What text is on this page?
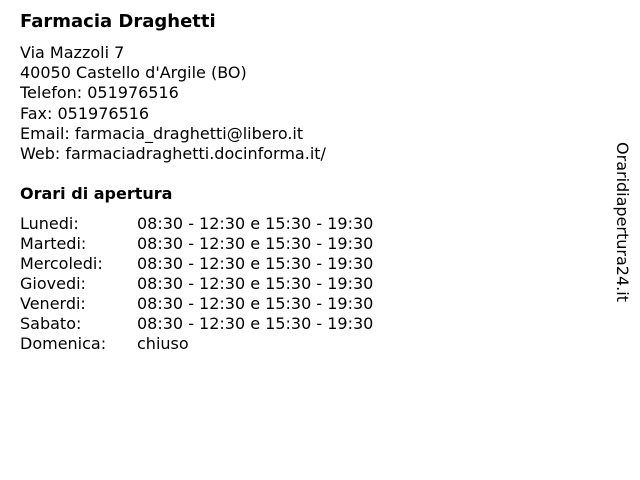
Farmacia Draghetti
Via Mazzoli 7
40050 Castello d'Argile (BO)
Telefon: 051976516
Fax: 051976516
Email: farmacia_draghetti@libero.it
Web: farmaciadraghetti.docinforma.it/
Orari di apertura
Lunedi:	08:30 - 12:30 e 15:30 - 19:30
Martedi:	08:30 - 12:30 e 15:30 - 19:30
Mercoledi: 08:30 - 12:30 e 15:30 - 19:30
Giovedi:	08:30 - 12:30 e 15:30 - 19:30
Venerdi:	08:30 - 12:30 e 15:30 - 19:30
Sabato:	08:30 - 12:30 e 15:30 - 19:30
Domenica: chiuso
Oraridiapertura24.it
